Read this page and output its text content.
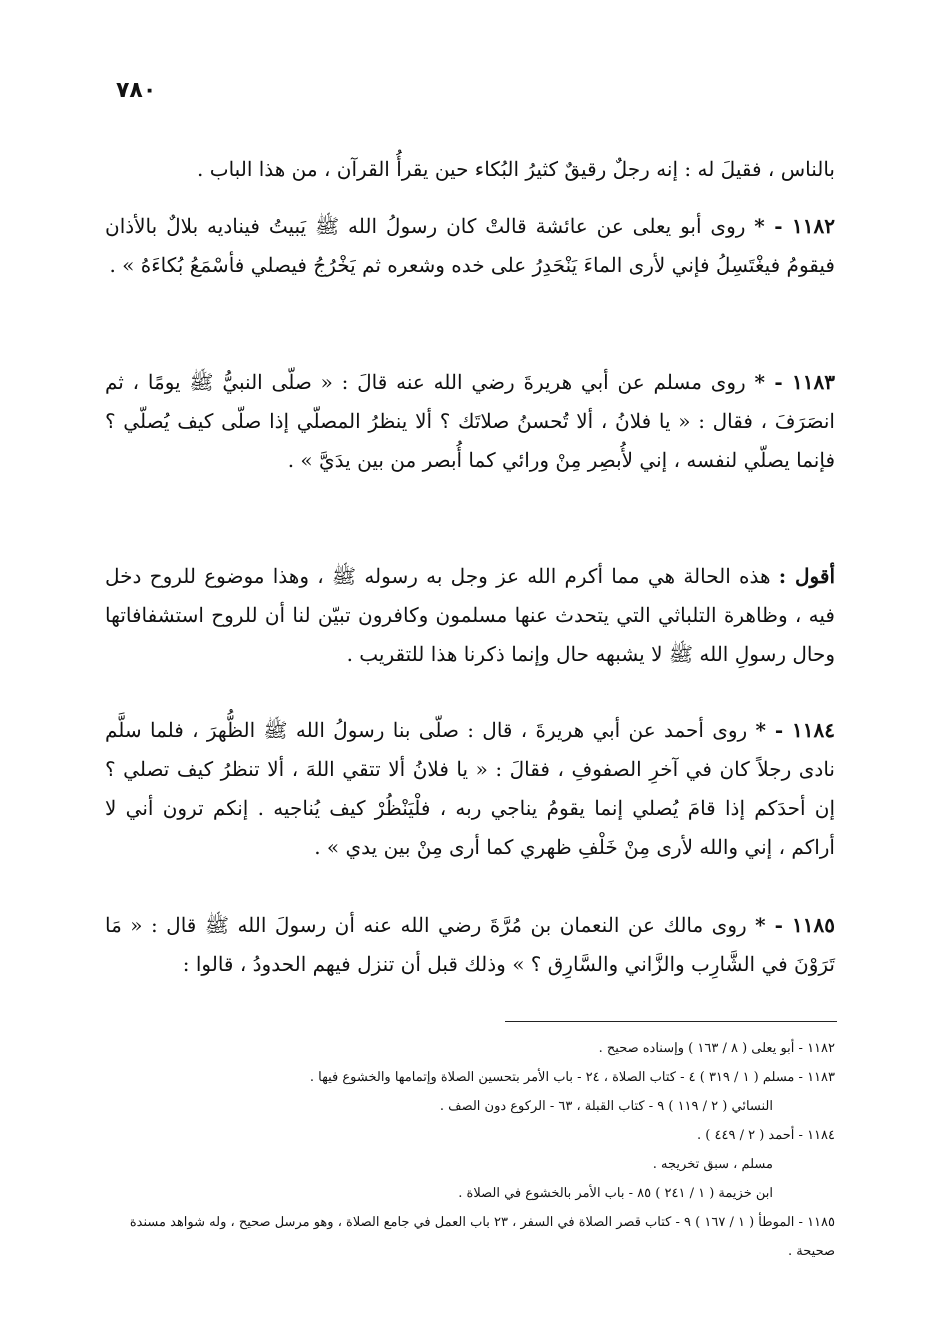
٧٨٠

بالناس ، فقيلَ له : إنه رجلٌ رقيقٌ كثيرُ البُكاء حين يقرأُ القرآن ، من هذا الباب .

١١٨٢ - * روى أبو يعلى عن عائشة قالتْ كان رسولُ الله ﷺ يَبيتُ فيناديه بلالٌ بالأذان فيقومُ فيغْتَسِلُ فإني لأرى الماءَ يَنْحَدِرُ على خده وشعره ثم يَخْرُجُ فيصلي فأسْمَعُ بُكاءَهُ » .

١١٨٣ - * روى مسلم عن أبي هريرةَ رضي الله عنه قالَ : « صلّى النبيُّ ﷺ يومًا ، ثم انصَرَفَ ، فقال : « يا فلانُ ، ألا تُحسنُ صلاتَك ؟ ألا ينظرُ المصلّي إذا صلّى كيف يُصلّي ؟ فإنما يصلّي لنفسه ، إني لأُبصِر مِنْ ورائي كما أُبصر من بين يدَيَّ » .

أقول : هذه الحالة هي مما أكرم الله عز وجل به رسوله ﷺ ، وهذا موضوع للروح دخل فيه ، وظاهرة التلباثي التي يتحدث عنها مسلمون وكافرون تبيّن لنا أن للروح استشفافاتها وحال رسولِ الله ﷺ لا يشبهه حال وإنما ذكرنا هذا للتقريب .

١١٨٤ - * روى أحمد عن أبي هريرةَ ، قال : صلّى بنا رسولُ الله ﷺ الظُّهرَ ، فلما سلَّم نادى رجلاً كان في آخرِ الصفوفِ ، فقالَ : « يا فلانُ ألا تتقي اللهَ ، ألا تنظرُ كيف تصلي ؟ إن أحدَكم إذا قامَ يُصلي إنما يقومُ يناجي ربه ، فلْيَنْظُرْ كيف يُناجيه . إنكم ترون أني لا أراكم ، إني والله لأرى مِنْ خَلْفِ ظهري كما أرى مِنْ بين يدي » .

١١٨٥ - * روى مالك عن النعمان بن مُرَّةَ رضي الله عنه أن رسولَ الله ﷺ قال : « مَا تَرَوْنَ في الشَّارِب والزَّاني والسَّارِق ؟ » وذلك قبل أن تنزل فيهم الحدودُ ، قالوا :

١١٨٢ - أبو يعلى ( ٨ / ١٦٣ ) وإسناده صحيح .

١١٨٣ - مسلم ( ١ / ٣١٩ ) ٤ - كتاب الصلاة ، ٢٤ - باب الأمر بتحسين الصلاة وإتمامها والخشوع فيها .

النسائي ( ٢ / ١١٩ ) ٩ - كتاب القبلة ، ٦٣ - الركوع دون الصف .

١١٨٤ - أحمد ( ٢ / ٤٤٩ ) .

مسلم ، سبق تخريجه .

ابن خزيمة ( ١ / ٢٤١ ) ٨٥ - باب الأمر بالخشوع في الصلاة .

١١٨٥ - الموطأ ( ١ / ١٦٧ ) ٩ - كتاب قصر الصلاة في السفر ، ٢٣ باب العمل في جامع الصلاة ، وهو مرسل صحيح ، وله شواهد مسندة صحيحة .
